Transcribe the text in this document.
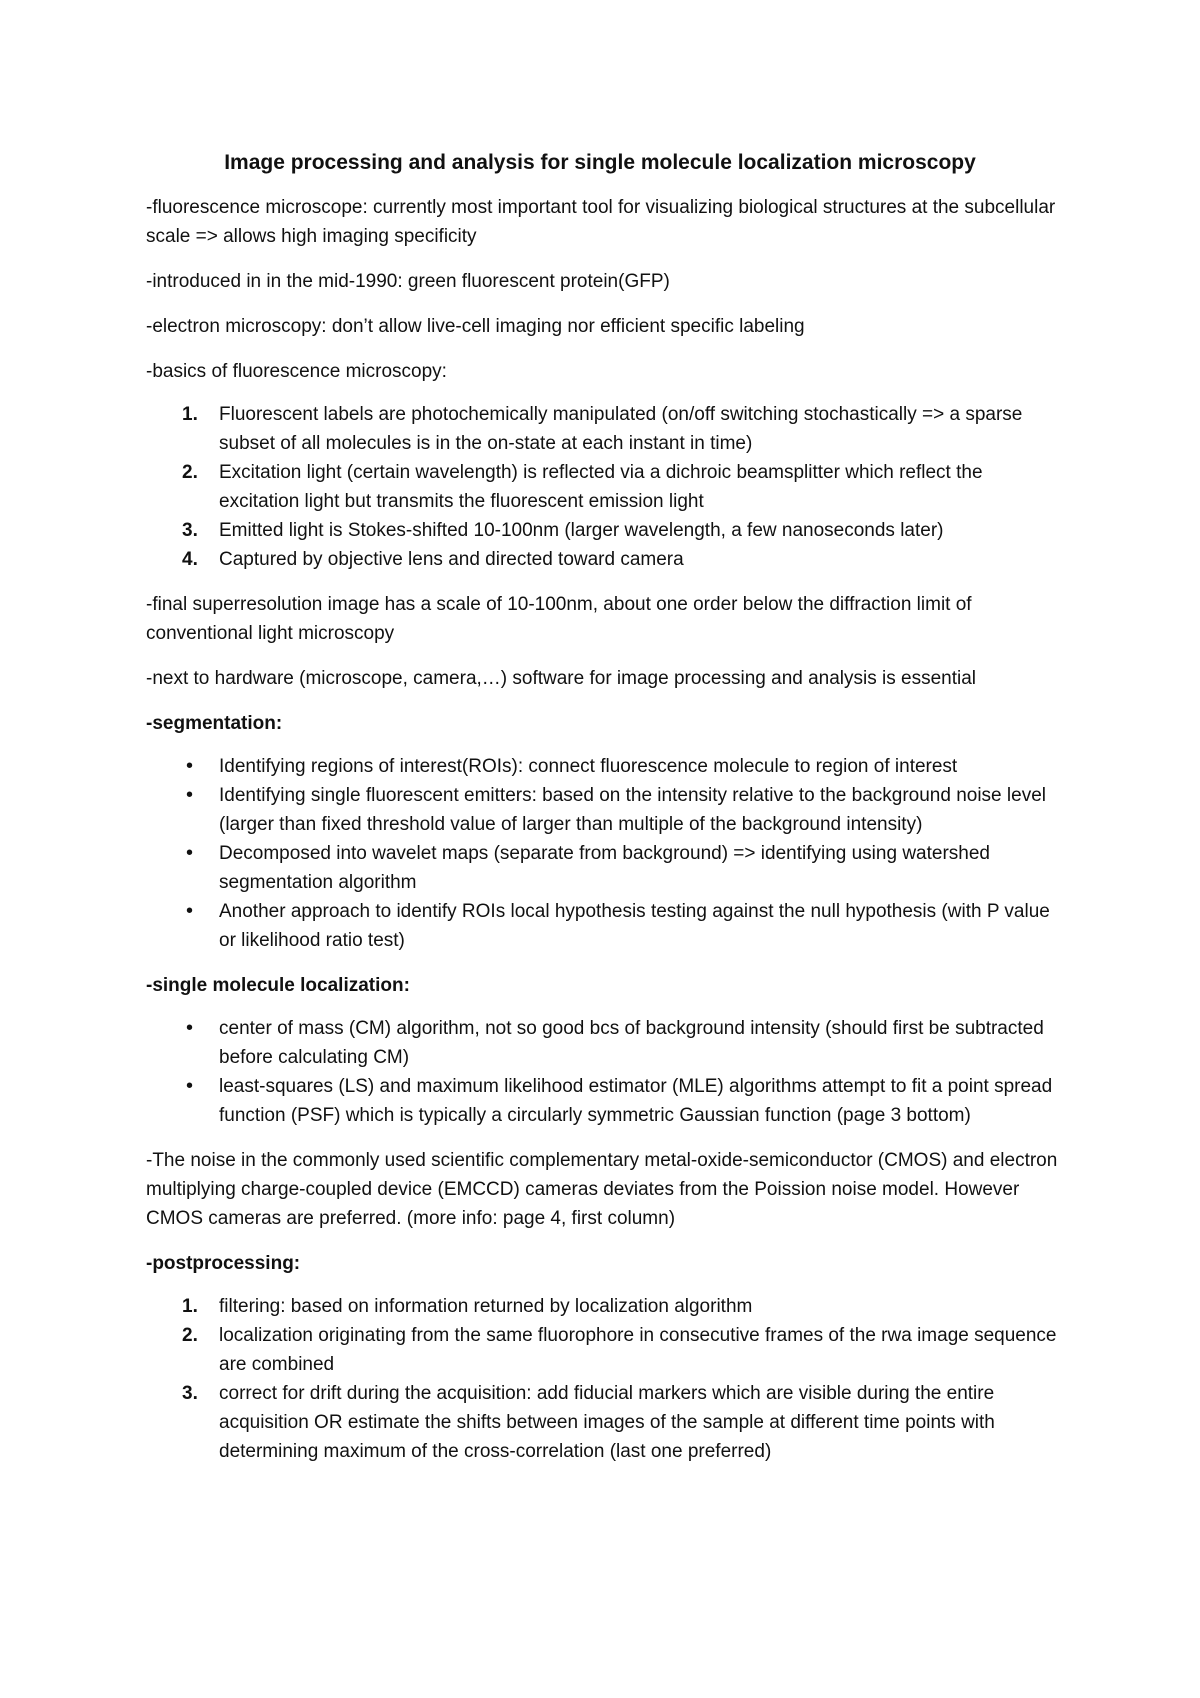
Image processing and analysis for single molecule localization microscopy

-fluorescence microscope: currently most important tool for visualizing biological structures at the subcellular scale => allows high imaging specificity

-introduced in in the mid-1990: green fluorescent protein(GFP)

-electron microscopy: don’t allow live-cell imaging nor efficient specific labeling

-basics of fluorescence microscopy:

Fluorescent labels are photochemically manipulated (on/off switching stochastically => a sparse subset of all molecules is in the on-state at each instant in time)
Excitation light (certain wavelength) is reflected via a dichroic beamsplitter which reflect the excitation light but transmits the fluorescent emission light
Emitted light is Stokes-shifted 10-100nm (larger wavelength, a few nanoseconds later)
Captured by objective lens and directed toward camera

-final superresolution image has a scale of 10-100nm, about one order below the diffraction limit of conventional light microscopy

-next to hardware (microscope, camera,…) software for image processing and analysis is essential

-segmentation:

• Identifying regions of interest(ROIs): connect fluorescence molecule to region of interest
• Identifying single fluorescent emitters: based on the intensity relative to the background noise level (larger than fixed threshold value of larger than multiple of the background intensity)
• Decomposed into wavelet maps (separate from background) => identifying using watershed segmentation algorithm
• Another approach to identify ROIs local hypothesis testing against the null hypothesis (with P value or likelihood ratio test)

-single molecule localization:

• center of mass (CM) algorithm, not so good bcs of background intensity (should first be subtracted before calculating CM)
• least-squares (LS) and maximum likelihood estimator (MLE) algorithms attempt to fit a point spread function (PSF) which is typically a circularly symmetric Gaussian function (page 3 bottom)

-The noise in the commonly used scientific complementary metal-oxide-semiconductor (CMOS) and electron multiplying charge-coupled device (EMCCD) cameras deviates from the Poission noise model. However CMOS cameras are preferred. (more info: page 4, first column)

-postprocessing:

filtering: based on information returned by localization algorithm
localization originating from the same fluorophore in consecutive frames of the rwa image sequence are combined
correct for drift during the acquisition: add fiducial markers which are visible during the entire acquisition OR estimate the shifts between images of the sample at different time points with determining maximum of the cross-correlation (last one preferred)
